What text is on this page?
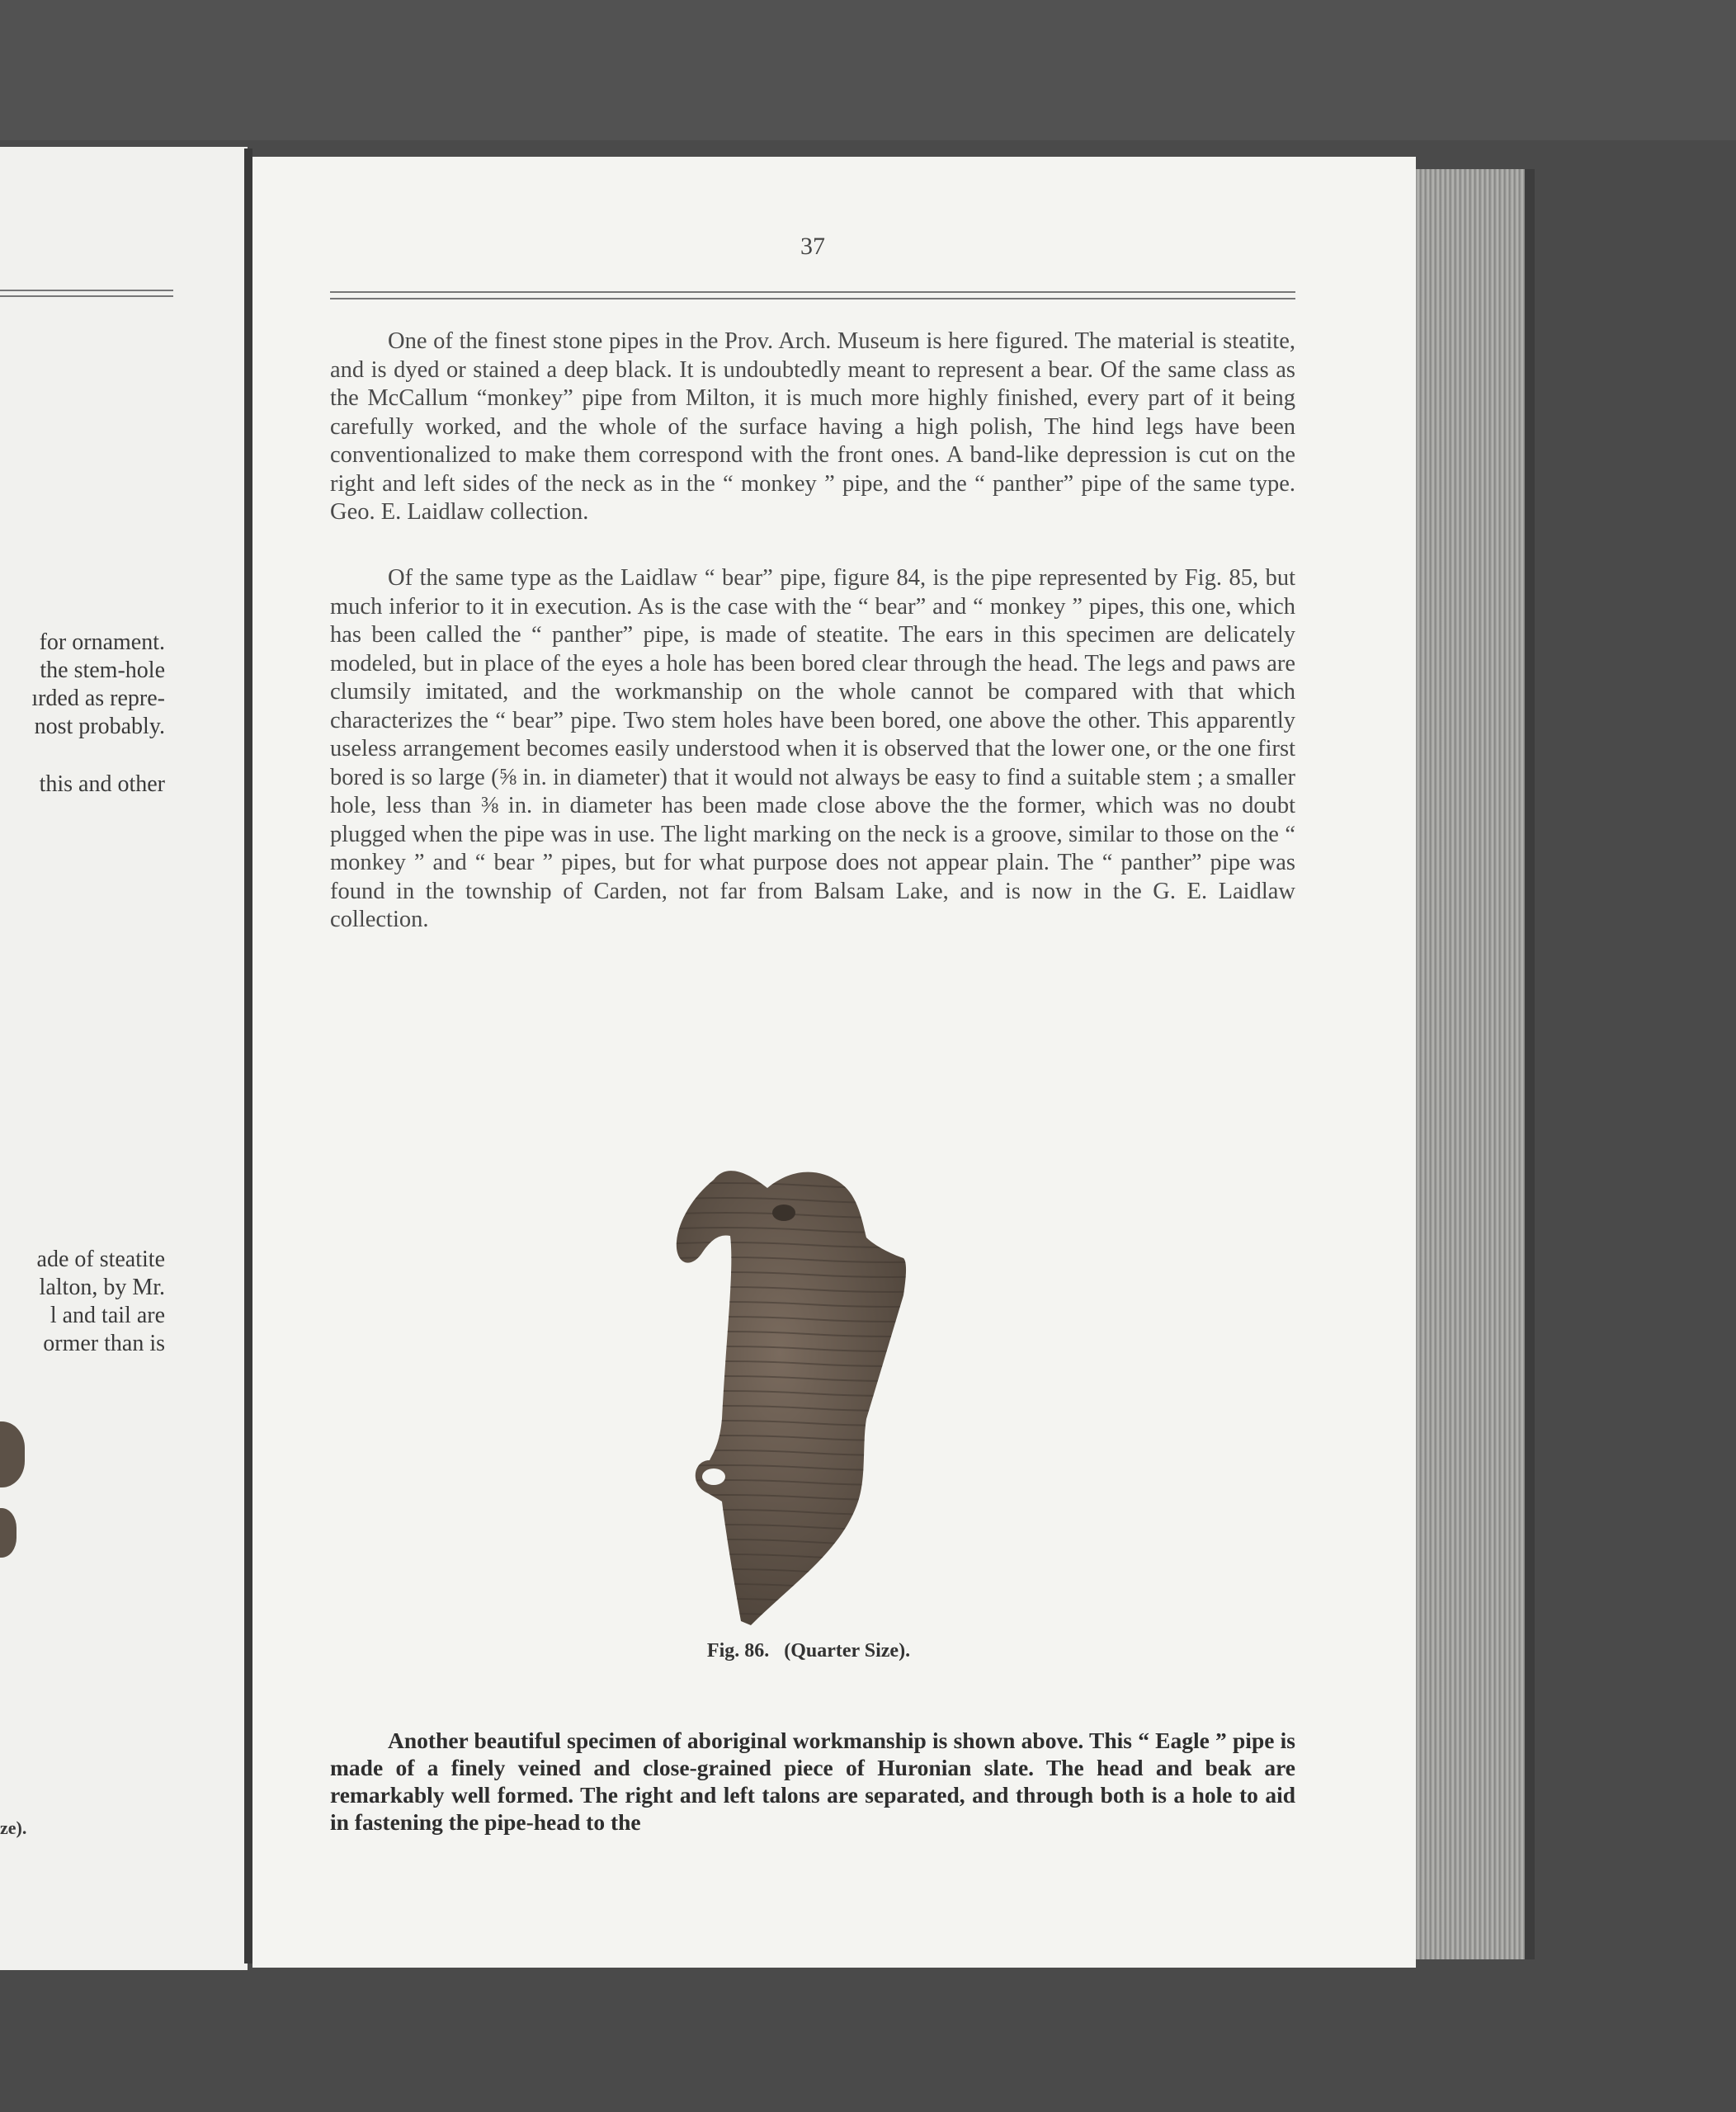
for ornament.
the stem-hole
ırded as repre-
nost probably.
this and other
ade of steatite
lalton, by Mr.
l and tail are
ormer than is
ze).
37

One of the finest stone pipes in the Prov. Arch. Museum is here figured. The material is steatite, and is dyed or stained a deep black. It is undoubtedly meant to represent a bear. Of the same class as the McCallum “monkey” pipe from Milton, it is much more highly finished, every part of it being carefully worked, and the whole of the surface having a high polish, The hind legs have been conventionalized to make them correspond with the front ones. A band-like depression is cut on the right and left sides of the neck as in the “ monkey ” pipe, and the “ panther” pipe of the same type. Geo. E. Laidlaw collection.

Of the same type as the Laidlaw “ bear” pipe, figure 84, is the pipe represented by Fig. 85, but much inferior to it in execution. As is the case with the “ bear” and “ monkey ” pipes, this one, which has been called the “ panther” pipe, is made of steatite. The ears in this specimen are delicately modeled, but in place of the eyes a hole has been bored clear through the head. The legs and paws are clumsily imitated, and the workmanship on the whole cannot be compared with that which characterizes the “ bear” pipe. Two stem holes have been bored, one above the other. This apparently useless arrangement becomes easily understood when it is observed that the lower one, or the one first bored is so large (⅝ in. in diameter) that it would not always be easy to find a suitable stem ; a smaller hole, less than ⅜ in. in diameter has been made close above the the former, which was no doubt plugged when the pipe was in use. The light marking on the neck is a groove, similar to those on the “ monkey ” and “ bear ” pipes, but for what purpose does not appear plain. The “ panther” pipe was found in the township of Carden, not far from Balsam Lake, and is now in the G. E. Laidlaw collection.

Fig. 86. (Quarter Size).

Another beautiful specimen of aboriginal workmanship is shown above. This “ Eagle ” pipe is made of a finely veined and close-grained piece of Huronian slate. The head and beak are remarkably well formed. The right and left talons are separated, and through both is a hole to aid in fastening the pipe-head to the
